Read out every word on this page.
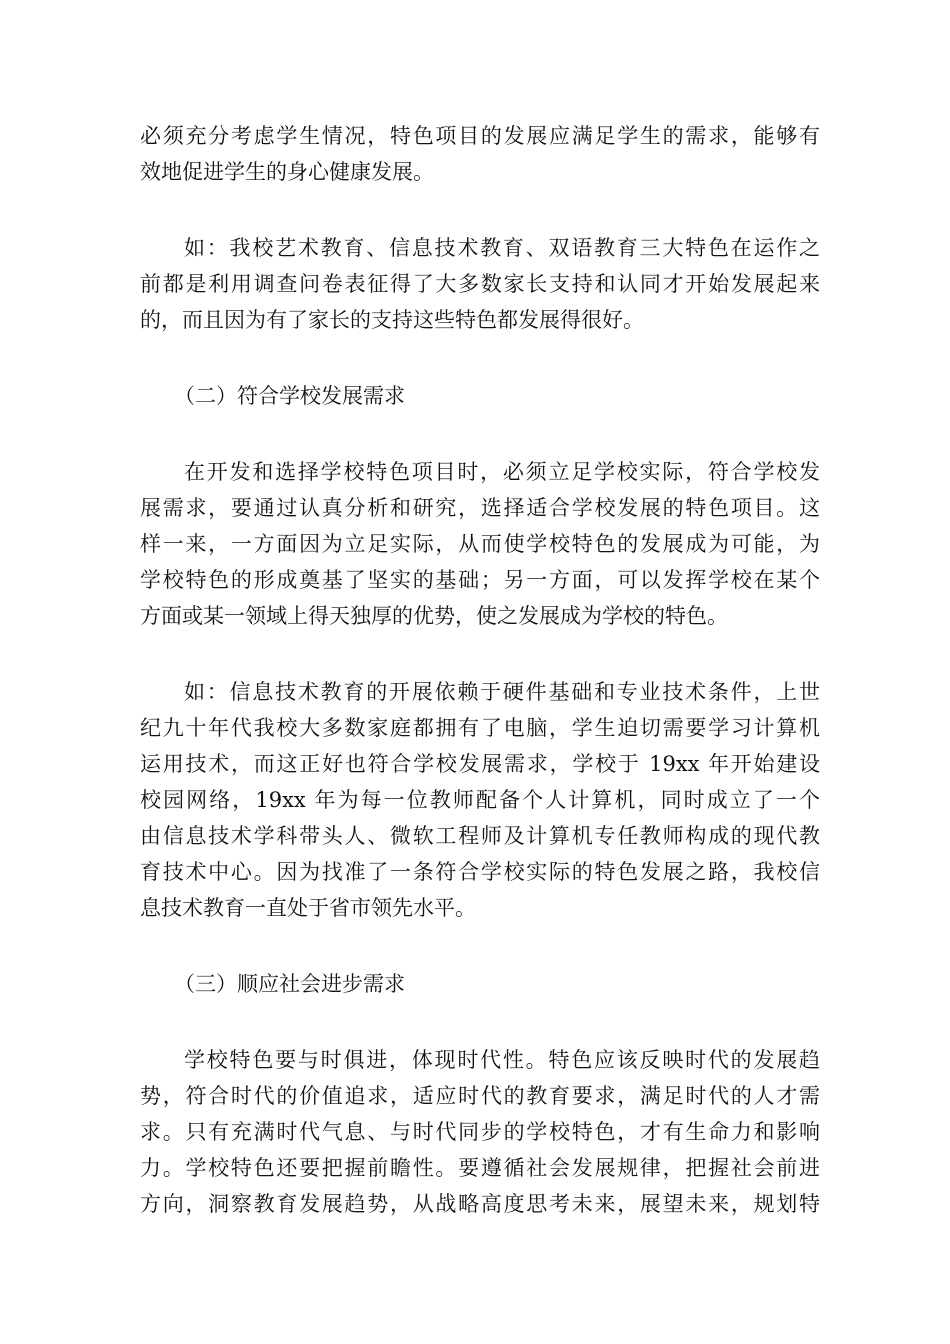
必须充分考虑学生情况，特色项目的发展应满足学生的需求，能够有
效地促进学生的身心健康发展。
如：我校艺术教育、信息技术教育、双语教育三大特色在运作之
前都是利用调查问卷表征得了大多数家长支持和认同才开始发展起来
的，而且因为有了家长的支持这些特色都发展得很好。
（二）符合学校发展需求
在开发和选择学校特色项目时，必须立足学校实际，符合学校发
展需求，要通过认真分析和研究，选择适合学校发展的特色项目。这
样一来，一方面因为立足实际，从而使学校特色的发展成为可能，为
学校特色的形成奠基了坚实的基础；另一方面，可以发挥学校在某个
方面或某一领域上得天独厚的优势，使之发展成为学校的特色。
如：信息技术教育的开展依赖于硬件基础和专业技术条件，上世
纪九十年代我校大多数家庭都拥有了电脑，学生迫切需要学习计算机
运用技术，而这正好也符合学校发展需求，学校于 19xx 年开始建设
校园网络，19xx 年为每一位教师配备个人计算机，同时成立了一个
由信息技术学科带头人、微软工程师及计算机专任教师构成的现代教
育技术中心。因为找准了一条符合学校实际的特色发展之路，我校信
息技术教育一直处于省市领先水平。
（三）顺应社会进步需求
学校特色要与时俱进，体现时代性。特色应该反映时代的发展趋
势，符合时代的价值追求，适应时代的教育要求，满足时代的人才需
求。只有充满时代气息、与时代同步的学校特色，才有生命力和影响
力。学校特色还要把握前瞻性。要遵循社会发展规律，把握社会前进
方向，洞察教育发展趋势，从战略高度思考未来，展望未来，规划特
